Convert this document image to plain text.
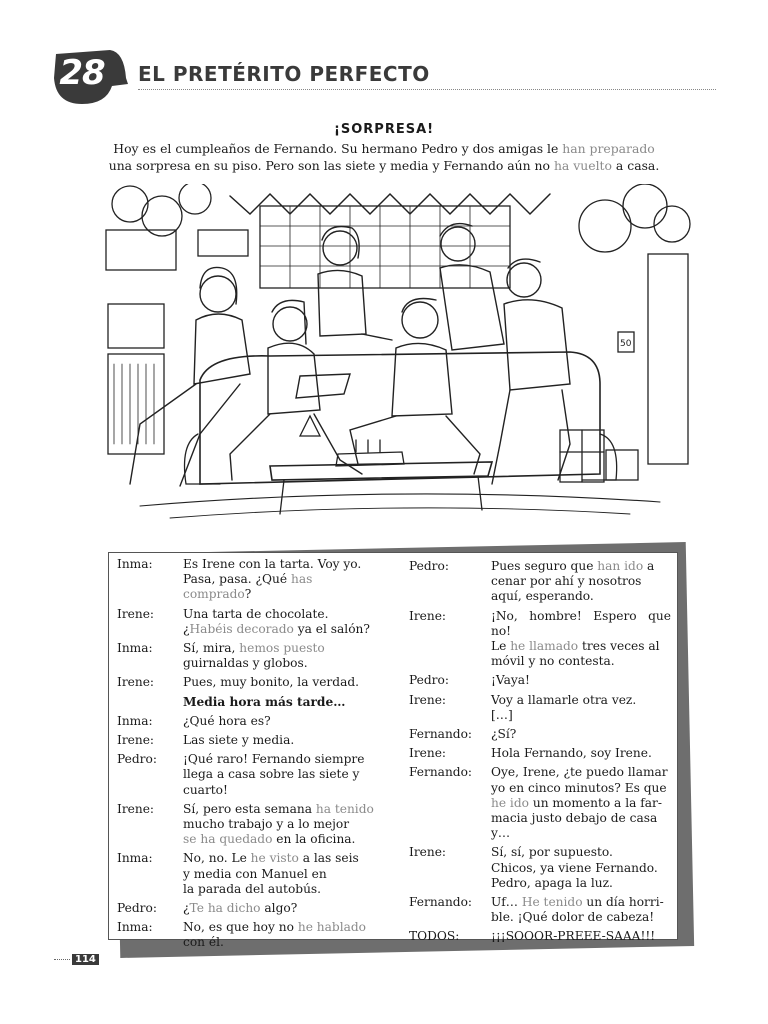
28 EL PRETÉRITO PERFECTO
¡SORPRESA!
Hoy es el cumpleaños de Fernando. Su hermano Pedro y dos amigas le han preparado
una sorpresa en su piso. Pero son las siete y media y Fernando aún no ha vuelto a casa.
50
Inma:	Es Irene con la tarta. Voy yo.
Pasa, pasa. ¿Qué has comprado?
Irene:	Una tarta de chocolate.
¿Habéis decorado ya el salón?
Inma:	Sí, mira, hemos puesto
guirnaldas y globos.
Irene:	Pues, muy bonito, la verdad.
Media hora más tarde…
Inma:	¿Qué hora es?
Irene:	Las siete y media.
Pedro:	¡Qué raro! Fernando siempre
llega a casa sobre las siete y
cuarto!
Irene:	Sí, pero esta semana ha tenido
mucho trabajo y a lo mejor
se ha quedado en la oficina.
Inma:	No, no. Le he visto a las seis
y media con Manuel en
la parada del autobús.
Pedro:	¿Te ha dicho algo?
Inma:	No, es que hoy no he hablado
con él.
Pedro:	Pues seguro que han ido a
cenar por ahí y nosotros
aquí, esperando.
Irene:	¡No, hombre! Espero que no!
Le he llamado tres veces al
móvil y no contesta.
Pedro:	¡Vaya!
Irene:	Voy a llamarle otra vez.
[…]
Fernando:	¿Sí?
Irene:	Hola Fernando, soy Irene.
Fernando:	Oye, Irene, ¿te puedo llamar
yo en cinco minutos? Es que
he ido un momento a la far-
macia justo debajo de casa
y…
Irene:	Sí, sí, por supuesto.
Chicos, ya viene Fernando.
Pedro, apaga la luz.
Fernando:	Uf… He tenido un día horri-
ble. ¡Qué dolor de cabeza!
TODOS:	¡¡¡SOOOR-PREEE-SAAA!!!
114
